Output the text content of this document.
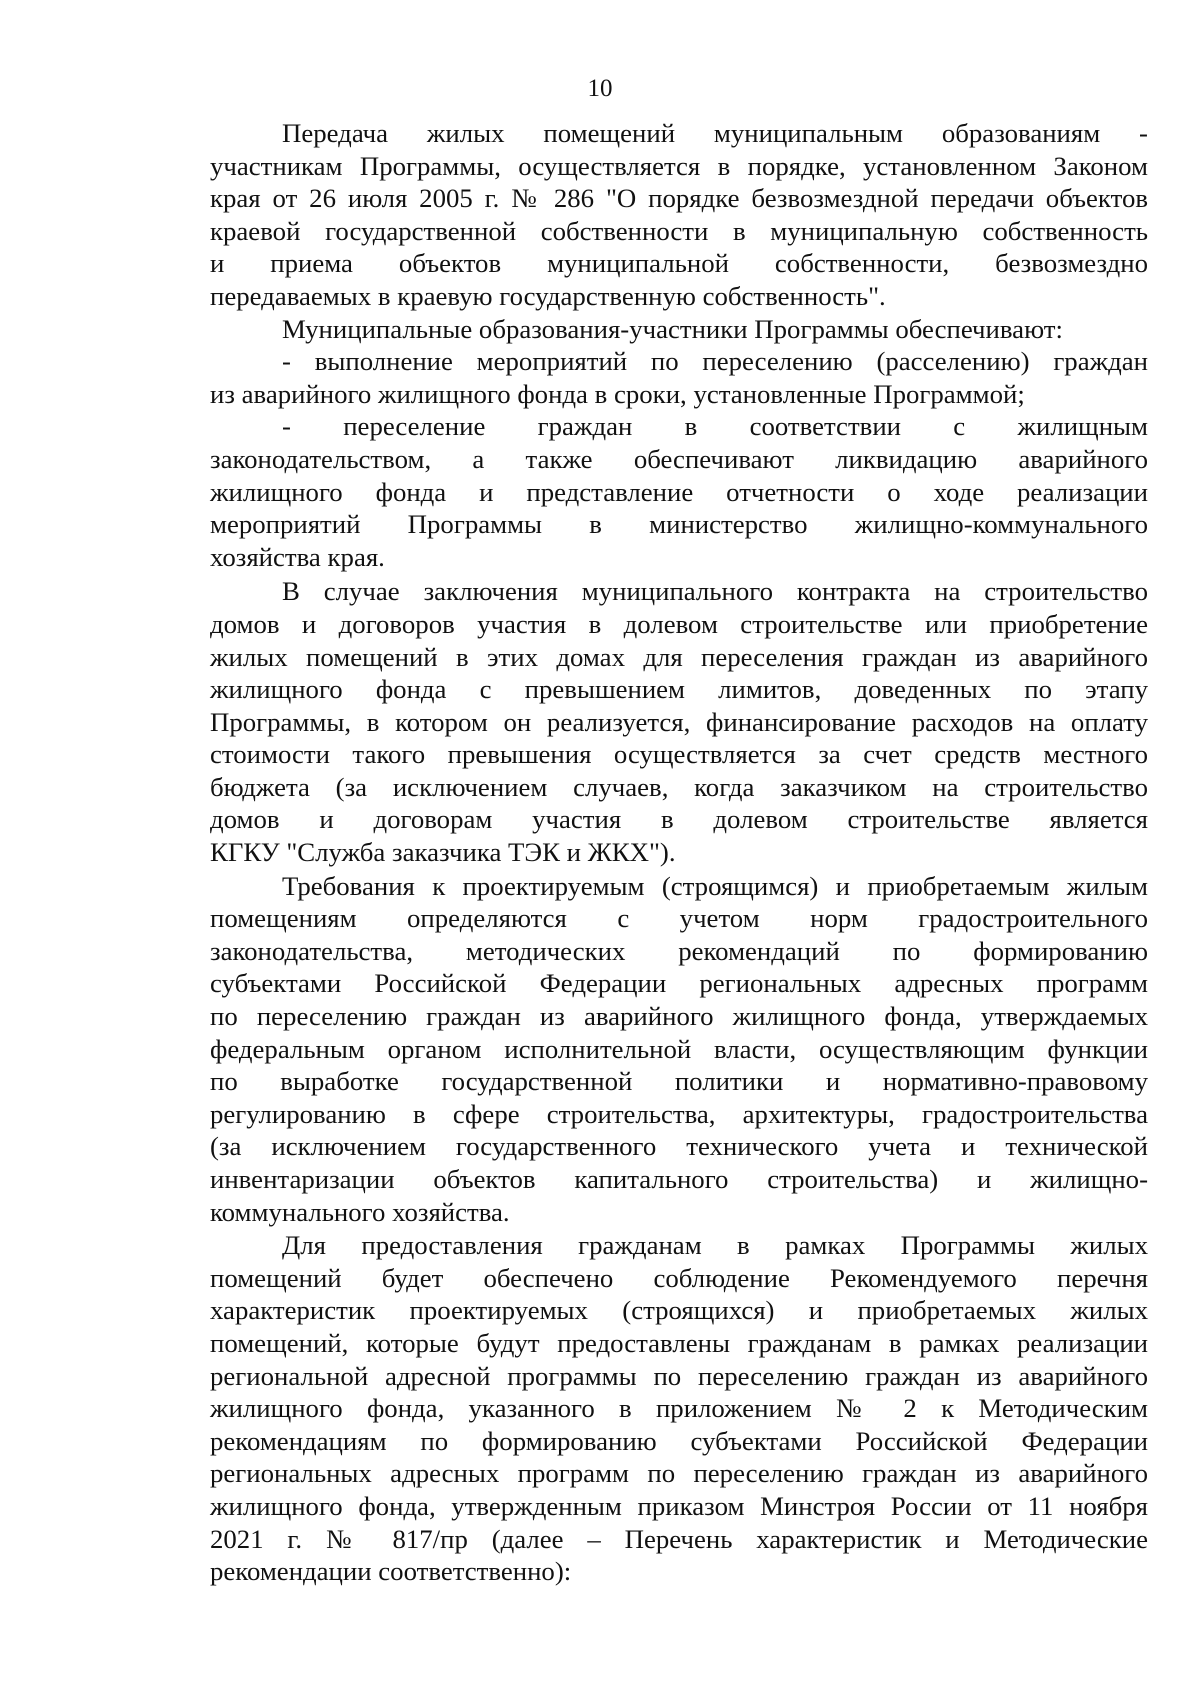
10
Передача жилых помещений муниципальным образованиям -
участникам Программы, осуществляется в порядке, установленном Законом
края от 26 июля 2005 г. № 286 "О порядке безвозмездной передачи объектов
краевой государственной собственности в муниципальную собственность
и приема объектов муниципальной собственности, безвозмездно
передаваемых в краевую государственную собственность".
Муниципальные образования-участники Программы обеспечивают:
- выполнение мероприятий по переселению (расселению) граждан
из аварийного жилищного фонда в сроки, установленные Программой;
- переселение граждан в соответствии с жилищным
законодательством, а также обеспечивают ликвидацию аварийного
жилищного фонда и представление отчетности о ходе реализации
мероприятий Программы в министерство жилищно-коммунального
хозяйства края.
В случае заключения муниципального контракта на строительство
домов и договоров участия в долевом строительстве или приобретение
жилых помещений в этих домах для переселения граждан из аварийного
жилищного фонда с превышением лимитов, доведенных по этапу
Программы, в котором он реализуется, финансирование расходов на оплату
стоимости такого превышения осуществляется за счет средств местного
бюджета (за исключением случаев, когда заказчиком на строительство
домов и договорам участия в долевом строительстве является
КГКУ "Служба заказчика ТЭК и ЖКХ").
Требования к проектируемым (строящимся) и приобретаемым жилым
помещениям определяются с учетом норм градостроительного
законодательства, методических рекомендаций по формированию
субъектами Российской Федерации региональных адресных программ
по переселению граждан из аварийного жилищного фонда, утверждаемых
федеральным органом исполнительной власти, осуществляющим функции
по выработке государственной политики и нормативно-правовому
регулированию в сфере строительства, архитектуры, градостроительства
(за исключением государственного технического учета и технической
инвентаризации объектов капитального строительства) и жилищно-
коммунального хозяйства.
Для предоставления гражданам в рамках Программы жилых
помещений будет обеспечено соблюдение Рекомендуемого перечня
характеристик проектируемых (строящихся) и приобретаемых жилых
помещений, которые будут предоставлены гражданам в рамках реализации
региональной адресной программы по переселению граждан из аварийного
жилищного фонда, указанного в приложением № 2 к Методическим
рекомендациям по формированию субъектами Российской Федерации
региональных адресных программ по переселению граждан из аварийного
жилищного фонда, утвержденным приказом Минстроя России от 11 ноября
2021 г. № 817/пр (далее – Перечень характеристик и Методические
рекомендации соответственно):
